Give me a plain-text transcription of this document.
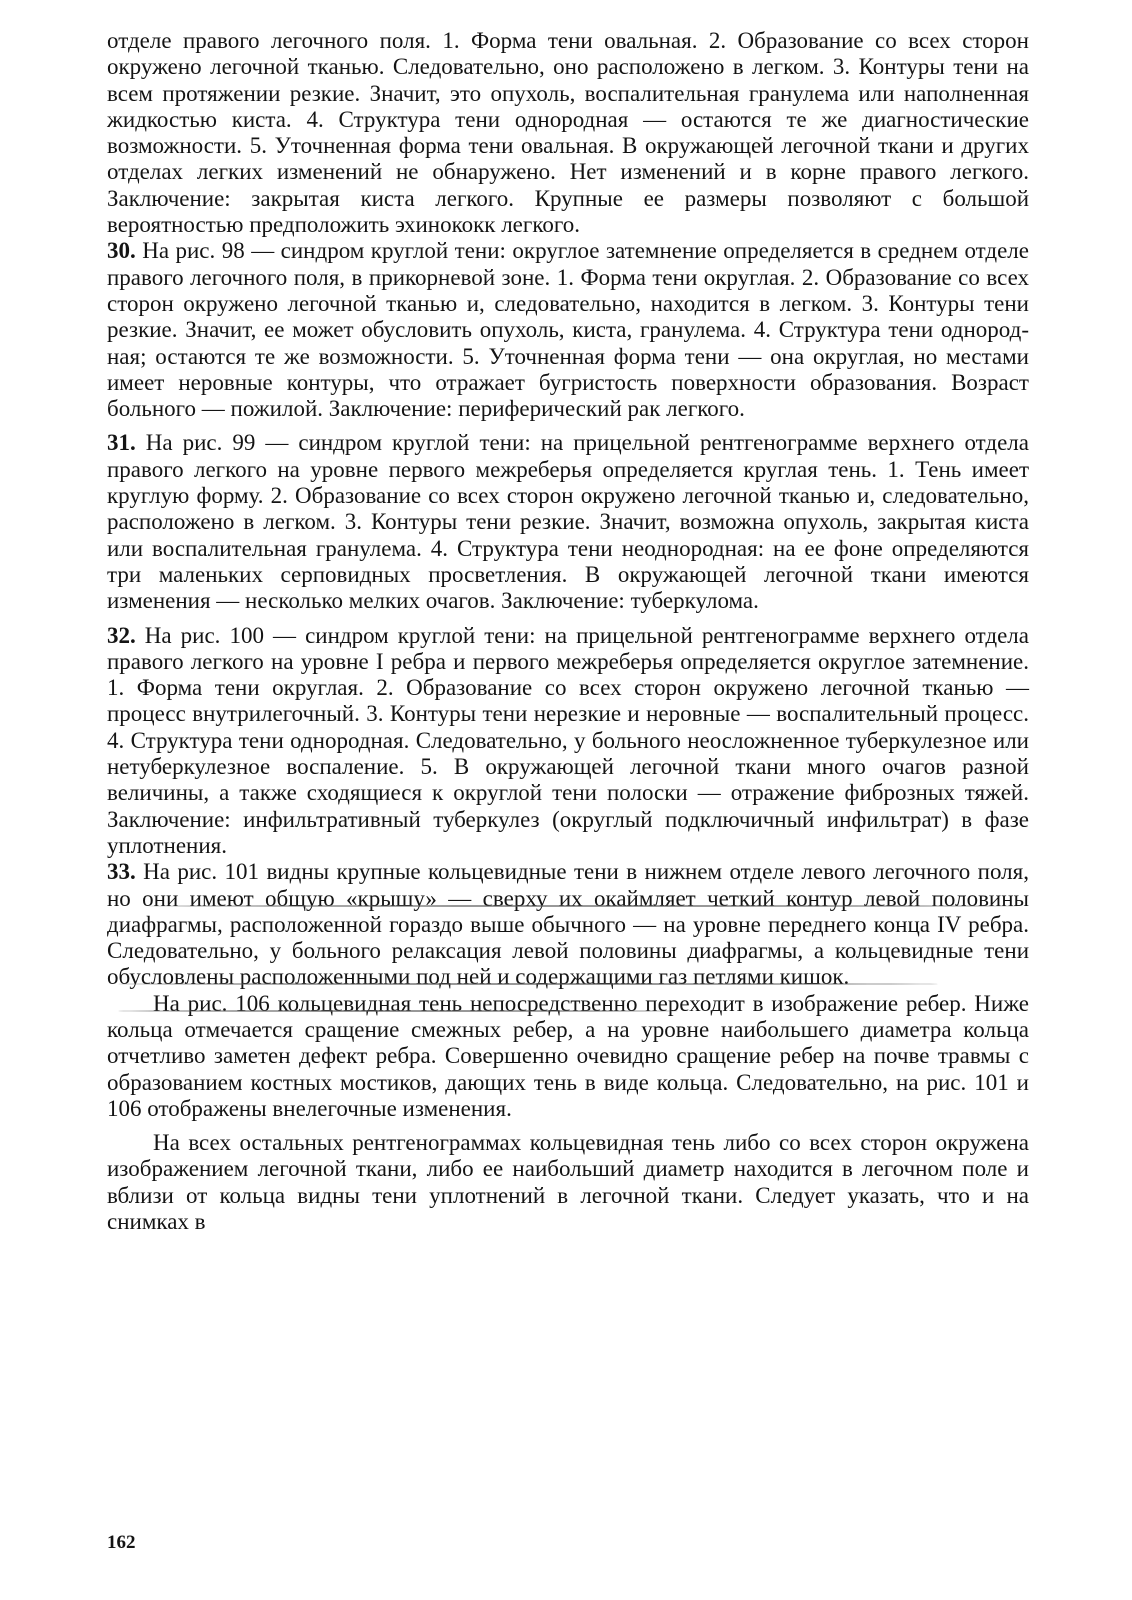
отделе правого легочного поля. 1. Форма тени овальная. 2. Образование со всех сторон окружено легочной тканью. Следовательно, оно расположено в легком. 3. Контуры тени на всем протяжении резкие. Значит, это опухоль, воспалительная гранулема или наполненная жидкостью киста. 4. Структура тени однородная — остаются те же диагностические возможности. 5. Уточненная форма тени овальная. В окружающей легочной ткани и других отделах легких изменений не обнаружено. Нет изменений и в корне правого легкого. Заключение: закрытая киста легкого. Крупные ее размеры позволяют с большой вероятностью предположить эхинококк легкого.

30. На рис. 98 — синдром круглой тени: округлое затемнение определяется в среднем отделе правого легочного поля, в прикорневой зоне. 1. Форма тени округлая. 2. Образование со всех сторон окружено легочной тканью и, следовательно, находится в легком. 3. Контуры тени резкие. Значит, ее может обусловить опухоль, киста, гранулема. 4. Структура тени однородная; остаются те же возможности. 5. Уточненная форма тени — она округлая, но местами имеет неровные контуры, что отражает бугристость поверхности образования. Возраст больного — пожилой. Заключение: периферический рак легкого.

31. На рис. 99 — синдром круглой тени: на прицельной рентгенограмме верхнего отдела правого легкого на уровне первого межреберья определяется круглая тень. 1. Тень имеет круглую форму. 2. Образование со всех сторон окружено легочной тканью и, следовательно, расположено в легком. 3. Контуры тени резкие. Значит, возможна опухоль, закрытая киста или воспалительная гранулема. 4. Структура тени неоднородная: на ее фоне определяются три маленьких серповидных просветления. В окружающей легочной ткани имеются изменения — несколько мелких очагов. Заключение: туберкулома.

32. На рис. 100 — синдром круглой тени: на прицельной рентгенограмме верхнего отдела правого легкого на уровне I ребра и первого межреберья определяется округлое затемнение. 1. Форма тени округлая. 2. Образование со всех сторон окружено легочной тканью — процесс внутрилегочный. 3. Контуры тени нерезкие и неровные — воспалительный процесс. 4. Структура тени однородная. Следовательно, у больного неосложненное туберкулезное или нетуберкулезное воспаление. 5. В окружающей легочной ткани много очагов разной величины, а также сходящиеся к округлой тени полоски — отражение фиброзных тяжей. Заключение: инфильтративный туберкулез (округлый подключичный инфильтрат) в фазе уплотнения.

33. На рис. 101 видны крупные кольцевидные тени в нижнем отделе левого легочного поля, но они имеют общую «крышу» — сверху их окаймляет четкий контур левой половины диафрагмы, расположенной гораздо выше обычного — на уровне переднего конца IV ребра. Следовательно, у больного релаксация левой половины диафрагмы, а кольцевидные тени обусловлены расположенными под ней и содержащими газ петлями кишок.

На рис. 106 кольцевидная тень непосредственно переходит в изображение ребер. Ниже кольца отмечается сращение смежных ребер, а на уровне наибольшего диаметра кольца отчетливо заметен дефект ребра. Совершенно очевидно сращение ребер на почве травмы с образованием костных мостиков, дающих тень в виде кольца. Следовательно, на рис. 101 и 106 отображены внелегочные изменения.

На всех остальных рентгенограммах кольцевидная тень либо со всех сторон окружена изображением легочной ткани, либо ее наибольший диаметр находится в легочном поле и вблизи от кольца видны тени уплотнений в легочной ткани. Следует указать, что и на снимках в

162
